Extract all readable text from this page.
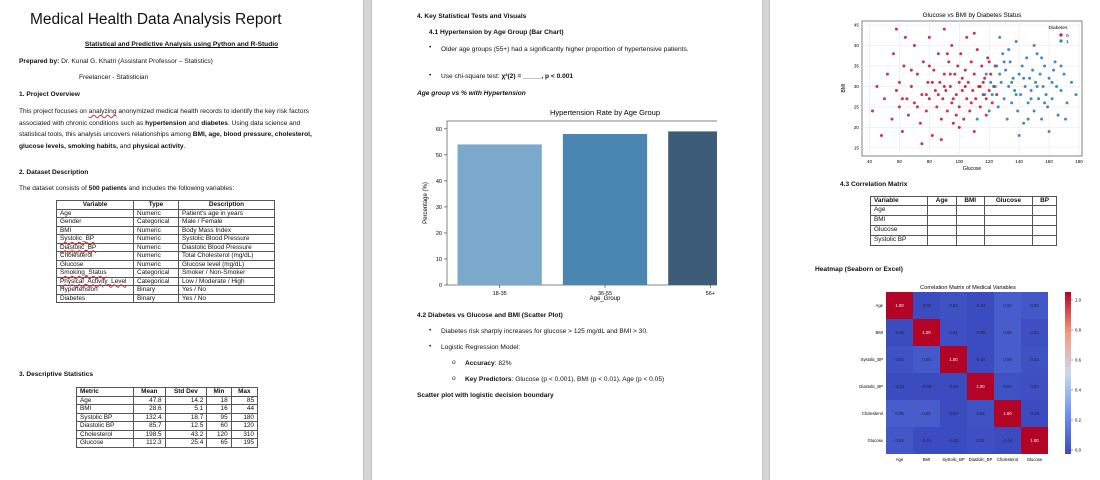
Medical Health Data Analysis Report
Statistical and Predictive Analysis using Python and R-Studio
Prepared by: Dr. Kunal G. Khatri (Assistant Professor – Statistics)
Freelancer - Statistician
1. Project Overview
This project focuses on analyzing anonymized medical health records to identify the key risk factors associated with chronic conditions such as hypertension and diabetes. Using data science and statistical tools, this analysis uncovers relationships among BMI, age, blood pressure, cholesterol, glucose levels, smoking habits, and physical activity.
2. Dataset Description
The dataset consists of 500 patients and includes the following variables:
Variable	Type	Description
Age	Numeric	Patient's age in years
Gender	Categorical	Male / Female
BMI	Numeric	Body Mass Index
Systolic_BP	Numeric	Systolic Blood Pressure
Diastolic_BP	Numeric	Diastolic Blood Pressure
Cholesterol	Numeric	Total Cholesterol (mg/dL)
Glucose	Numeric	Glucose level (mg/dL)
Smoking_Status	Categorical	Smoker / Non-Smoker
Physical_Activity_Level	Categorical	Low / Moderate / High
Hypertension	Binary	Yes / No
Diabetes	Binary	Yes / No
3. Descriptive Statistics
Metric	Mean	Std Dev	Min	Max
Age	47.8	14.2	18	85
BMI	28.6	5.1	16	44
Systolic BP	132.4	18.7	95	180
Diastolic BP	85.7	12.5	60	120
Cholesterol	198.5	43.2	120	310
Glucose	112.3	25.4	65	195
4. Key Statistical Tests and Visuals
4.1 Hypertension by Age Group (Bar Chart)
• Older age groups (55+) had a significantly higher proportion of hypertensive patients.
• Use chi-square test: χ²(2) = _____, p < 0.001
Age group vs % with Hypertension
Hypertension Rate by Age Group
0
10
20
30
40
50
60
18-35	36-55	56+
Percentage (%)
Age_Group
4.2 Diabetes vs Glucose and BMI (Scatter Plot)
• Diabetes risk sharply increases for glucose > 125 mg/dL and BMI > 30.
• Logistic Regression Model:
o Accuracy: 82%
o Key Predictors: Glucose (p < 0.001), BMI (p < 0.01), Age (p < 0.05)
Scatter plot with logistic decision boundary
Glucose vs BMI by Diabetes Status
40	60	80	100	120	140	160	180
15
20
25
30
35
40
45
Diabetes
0
1
Glucose
BMI
4.3 Correlation Matrix
Variable	Age	BMI	Glucose	BP
Age				
BMI				
Glucose				
Systolic BP				
Heatmap (Seaborn or Excel)
Correlation Matrix of Medical Variables
1.00	-0.02	0.02	-0.03	0.06	0.04
-0.00	1.00	0.01	-0.08	0.06	0.01
0.02	0.05	1.00	-0.04	0.06	0.02
-0.01	-0.08	-0.04	1.00	0.02	0.01
0.06	0.06	0.00	0.02	1.00	-0.04
0.04	-0.01	-0.02	0.01	-0.04	1.00
Age
Age
BMI
BMI
Systolic_BP
Systolic_BP
Diastolic_BP
Diastolic_BP
Cholesterol
Cholesterol
Glucose
Glucose
1.0
0.8
0.6
0.4
0.2
0.0
